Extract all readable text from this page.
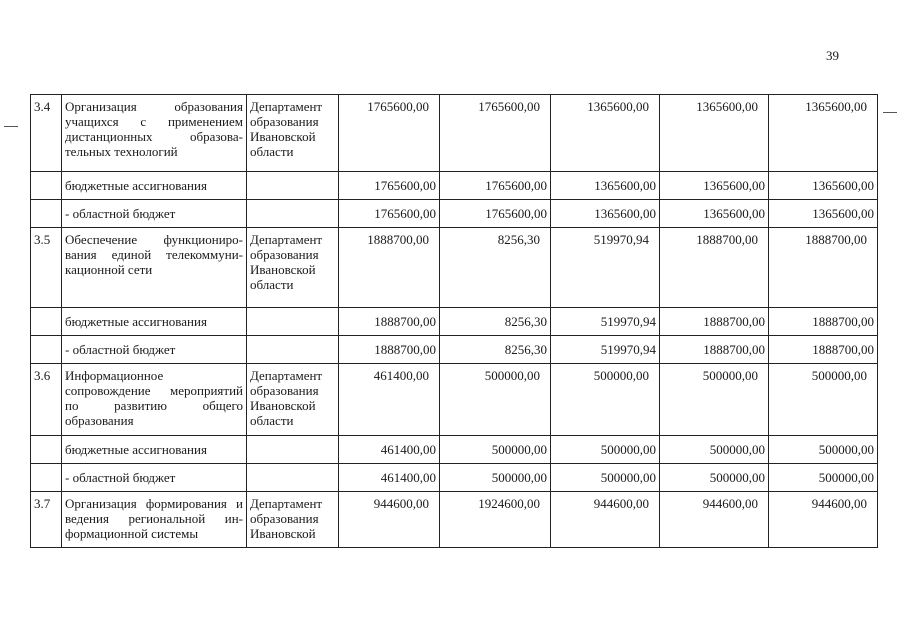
39
3.4	Организация образования учащихся с применением дистанционных образова-тельных технологий	Департамент образования Ивановской области	1765600,00	1765600,00	1365600,00	1365600,00	1365600,00
	бюджетные ассигнования		1765600,00	1765600,00	1365600,00	1365600,00	1365600,00
	- областной бюджет		1765600,00	1765600,00	1365600,00	1365600,00	1365600,00
3.5	Обеспечение функциониро-вания единой телекоммуни-кационной сети	Департамент образования Ивановской области	1888700,00	8256,30	519970,94	1888700,00	1888700,00
	бюджетные ассигнования		1888700,00	8256,30	519970,94	1888700,00	1888700,00
	- областной бюджет		1888700,00	8256,30	519970,94	1888700,00	1888700,00
3.6	Информационное сопровождение мероприятий по развитию общего образования	Департамент образования Ивановской области	461400,00	500000,00	500000,00	500000,00	500000,00
	бюджетные ассигнования		461400,00	500000,00	500000,00	500000,00	500000,00
	- областной бюджет		461400,00	500000,00	500000,00	500000,00	500000,00
3.7	Организация формирования и ведения региональной ин-формационной системы	Департамент образования Ивановской	944600,00	1924600,00	944600,00	944600,00	944600,00
